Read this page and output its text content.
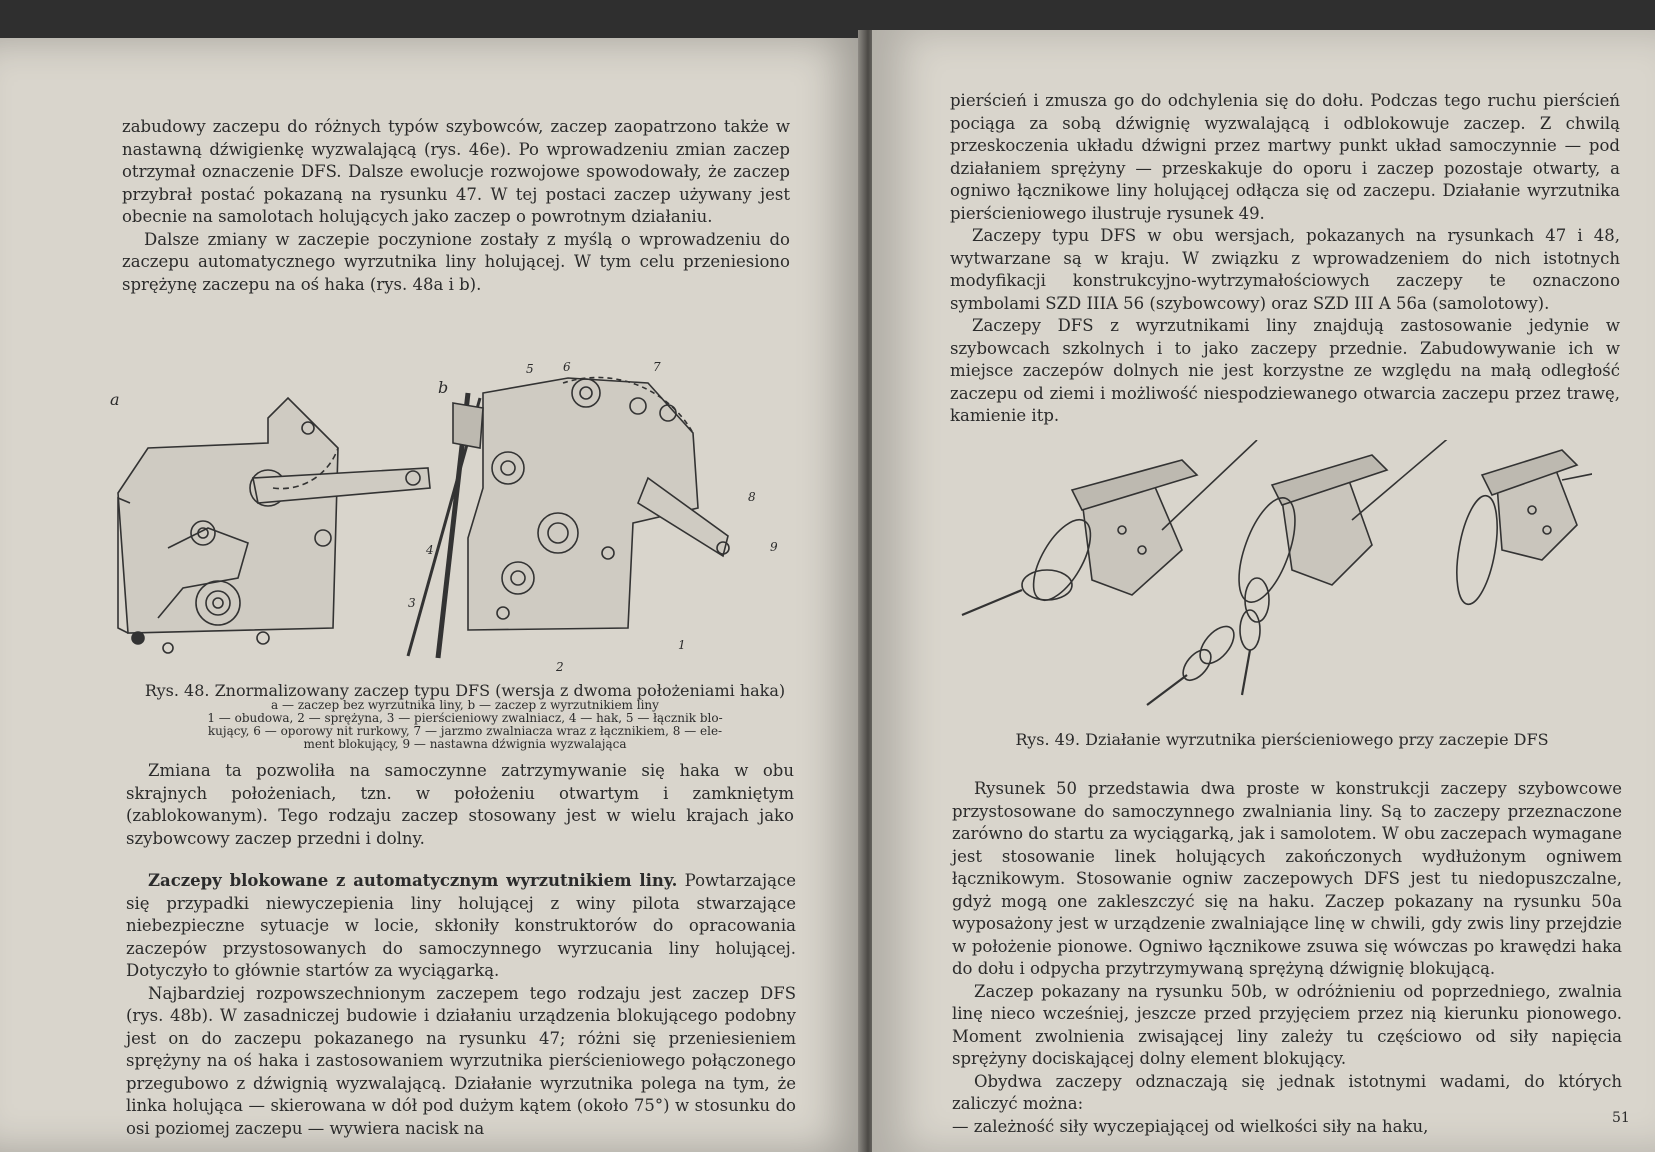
zabudowy zaczepu do różnych typów szybowców, zaczep zaopatrzono także w nastawną dźwigienkę wyzwalającą (rys. 46e). Po wprowadzeniu zmian zaczep otrzymał oznaczenie DFS. Dalsze ewolucje rozwojowe spowodowały, że zaczep przybrał postać pokazaną na rysunku 47. W tej postaci zaczep używany jest obecnie na samolotach holujących jako zaczep o powrotnym działaniu.

Dalsze zmiany w zaczepie poczynione zostały z myślą o wprowadzeniu do zaczepu automatycznego wyrzutnika liny holującej. W tym celu przeniesiono sprężynę zaczepu na oś haka (rys. 48a i b).

a
b
5 6	7
8
9
4
3
2
1
Rys. 48. Znormalizowany zaczep typu DFS (wersja z dwoma położeniami haka)
a — zaczep bez wyrzutnika liny, b — zaczep z wyrzutnikiem liny
1 — obudowa, 2 — sprężyna, 3 — pierścieniowy zwalniacz, 4 — hak, 5 — łącznik blo-
kujący, 6 — oporowy nit rurkowy, 7 — jarzmo zwalniacza wraz z łącznikiem, 8 — ele-
ment blokujący, 9 — nastawna dźwignia wyzwalająca

Zmiana ta pozwoliła na samoczynne zatrzymywanie się haka w obu skrajnych położeniach, tzn. w położeniu otwartym i zamkniętym (zablokowanym). Tego rodzaju zaczep stosowany jest w wielu krajach jako szybowcowy zaczep przedni i dolny.

Zaczepy blokowane z automatycznym wyrzutnikiem liny. Powtarzające się przypadki niewyczepienia liny holującej z winy pilota stwarzające niebezpieczne sytuacje w locie, skłoniły konstruktorów do opracowania zaczepów przystosowanych do samoczynnego wyrzucania liny holującej. Dotyczyło to głównie startów za wyciągarką.

Najbardziej rozpowszechnionym zaczepem tego rodzaju jest zaczep DFS (rys. 48b). W zasadniczej budowie i działaniu urządzenia blokującego podobny jest on do zaczepu pokazanego na rysunku 47; różni się przeniesieniem sprężyny na oś haka i zastosowaniem wyrzutnika pierścieniowego połączonego przegubowo z dźwignią wyzwalającą. Działanie wyrzutnika polega na tym, że linka holująca — skierowana w dół pod dużym kątem (około 75°) w stosunku do osi poziomej zaczepu — wywiera nacisk na

pierścień i zmusza go do odchylenia się do dołu. Podczas tego ruchu pierścień pociąga za sobą dźwignię wyzwalającą i odblokowuje zaczep. Z chwilą przeskoczenia układu dźwigni przez martwy punkt układ samoczynnie — pod działaniem sprężyny — przeskakuje do oporu i zaczep pozostaje otwarty, a ogniwo łącznikowe liny holującej odłącza się od zaczepu. Działanie wyrzutnika pierścieniowego ilustruje rysunek 49.

Zaczepy typu DFS w obu wersjach, pokazanych na rysunkach 47 i 48, wytwarzane są w kraju. W związku z wprowadzeniem do nich istotnych modyfikacji konstrukcyjno-wytrzymałościowych zaczepy te oznaczono symbolami SZD IIIA 56 (szybowcowy) oraz SZD III A 56a (samolotowy).

Zaczepy DFS z wyrzutnikami liny znajdują zastosowanie jedynie w szybowcach szkolnych i to jako zaczepy przednie. Zabudowywanie ich w miejsce zaczepów dolnych nie jest korzystne ze względu na małą odległość zaczepu od ziemi i możliwość niespodziewanego otwarcia zaczepu przez trawę, kamienie itp.

Rys. 49. Działanie wyrzutnika pierścieniowego przy zaczepie DFS

Rysunek 50 przedstawia dwa proste w konstrukcji zaczepy szybowcowe przystosowane do samoczynnego zwalniania liny. Są to zaczepy przeznaczone zarówno do startu za wyciągarką, jak i samolotem. W obu zaczepach wymagane jest stosowanie linek holujących zakończonych wydłużonym ogniwem łącznikowym. Stosowanie ogniw zaczepowych DFS jest tu niedopuszczalne, gdyż mogą one zakleszczyć się na haku. Zaczep pokazany na rysunku 50a wyposażony jest w urządzenie zwalniające linę w chwili, gdy zwis liny przejdzie w położenie pionowe. Ogniwo łącznikowe zsuwa się wówczas po krawędzi haka do dołu i odpycha przytrzymywaną sprężyną dźwignię blokującą.

Zaczep pokazany na rysunku 50b, w odróżnieniu od poprzedniego, zwalnia linę nieco wcześniej, jeszcze przed przyjęciem przez nią kierunku pionowego. Moment zwolnienia zwisającej liny zależy tu częściowo od siły napięcia sprężyny dociskającej dolny element blokujący.

Obydwa zaczepy odznaczają się jednak istotnymi wadami, do których zaliczyć można:

— zależność siły wyczepiającej od wielkości siły na haku,	51
